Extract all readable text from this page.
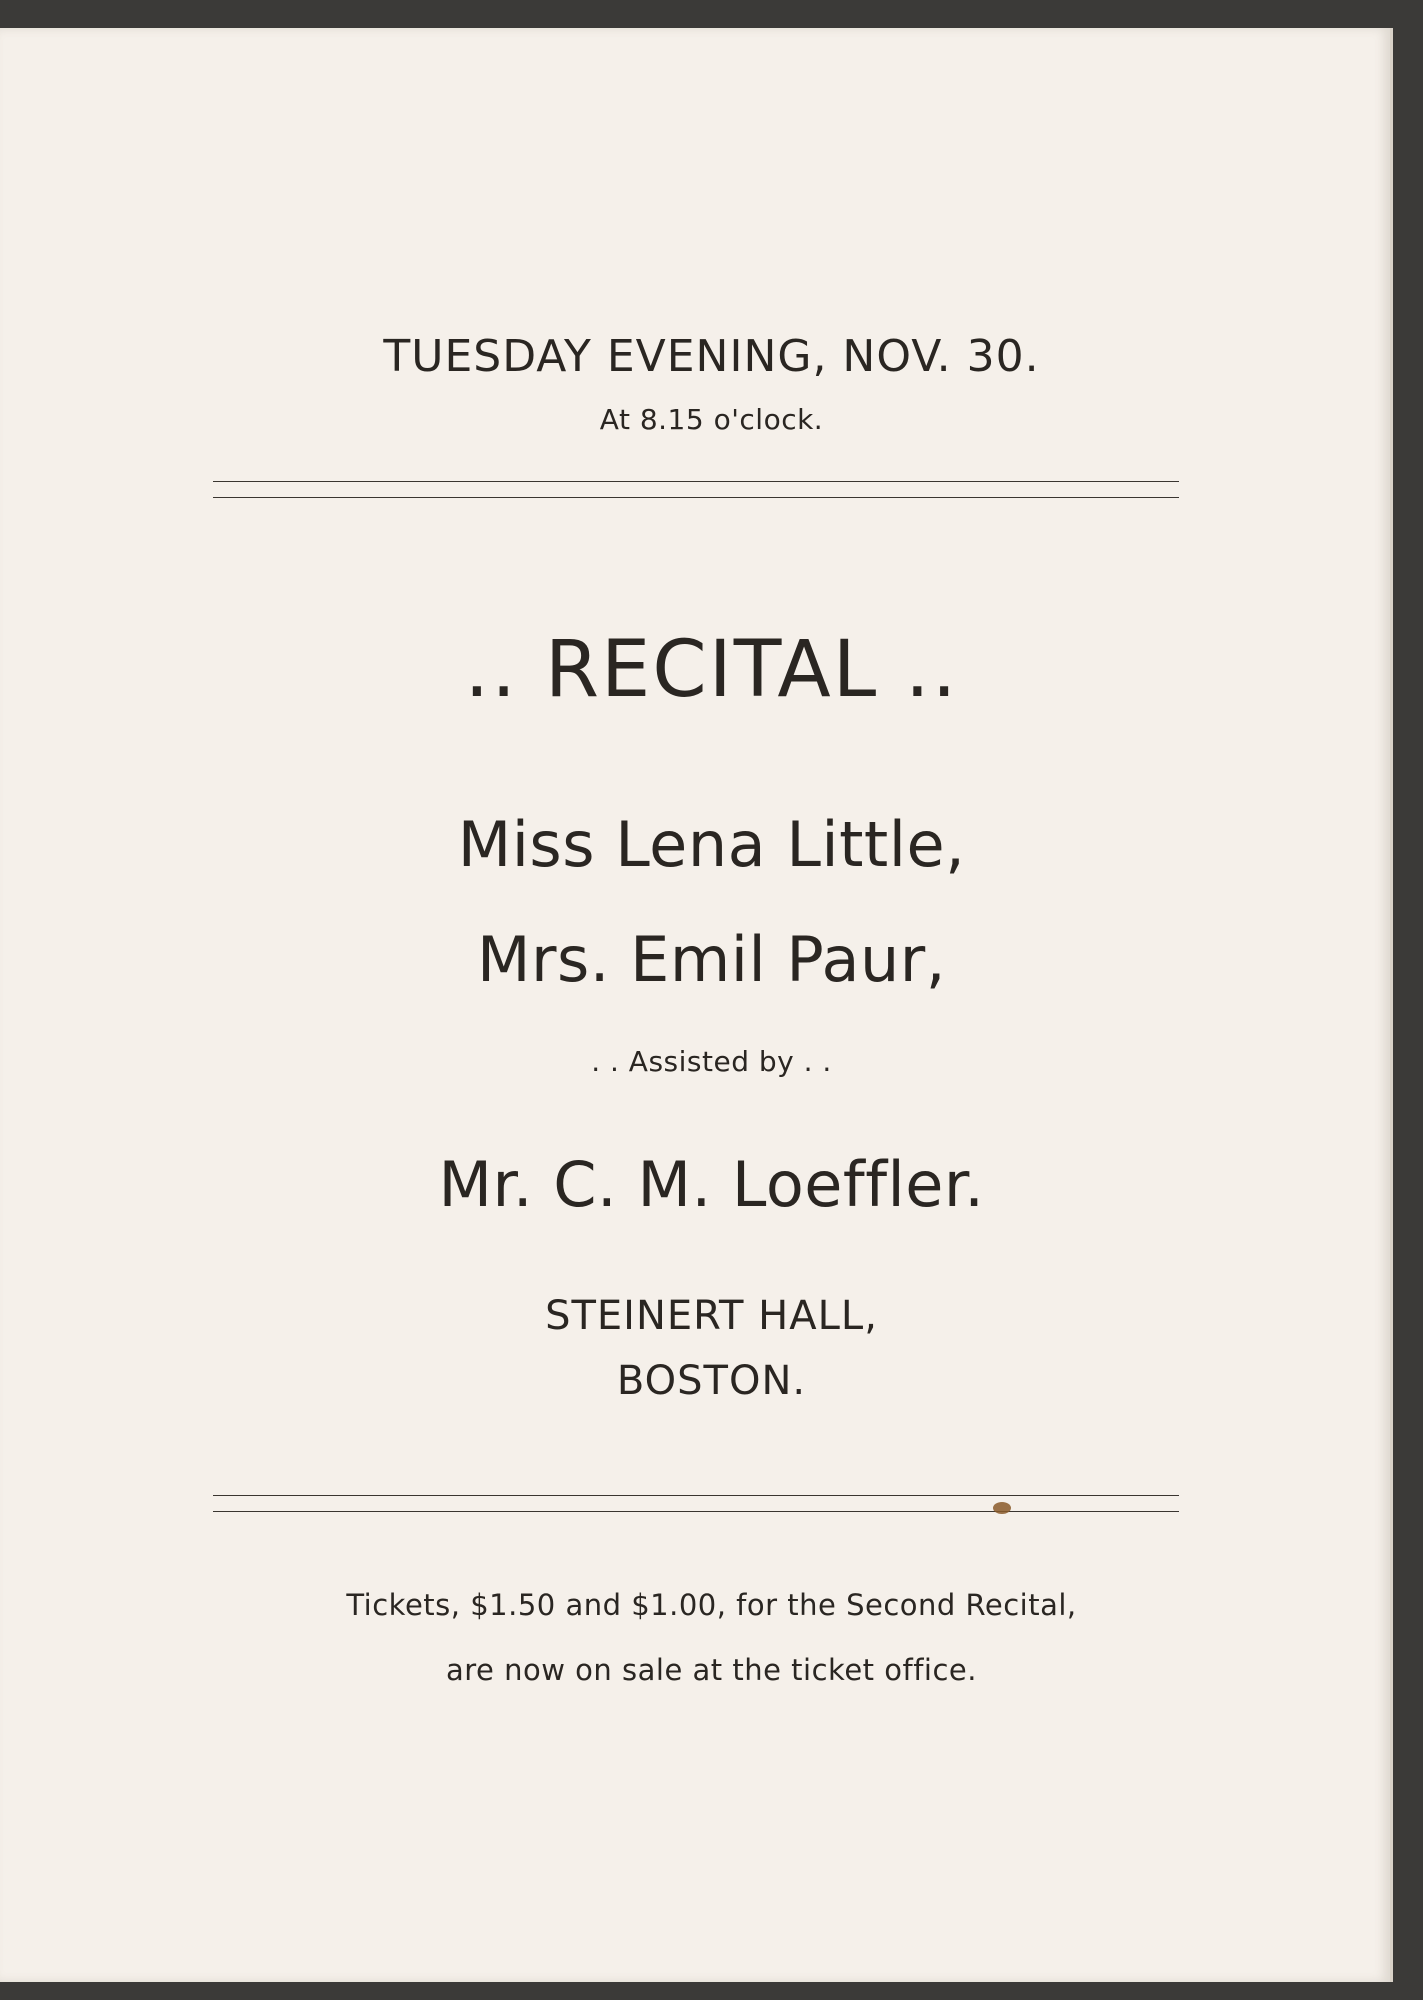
TUESDAY EVENING, NOV. 30.
At 8.15 o'clock.
.. RECITAL ..
Miss Lena Little,
Mrs. Emil Paur,
. . Assisted by . .
Mr. C. M. Loeffler.
STEINERT HALL,
BOSTON.
Tickets, $1.50 and $1.00, for the Second Recital,
are now on sale at the ticket office.
